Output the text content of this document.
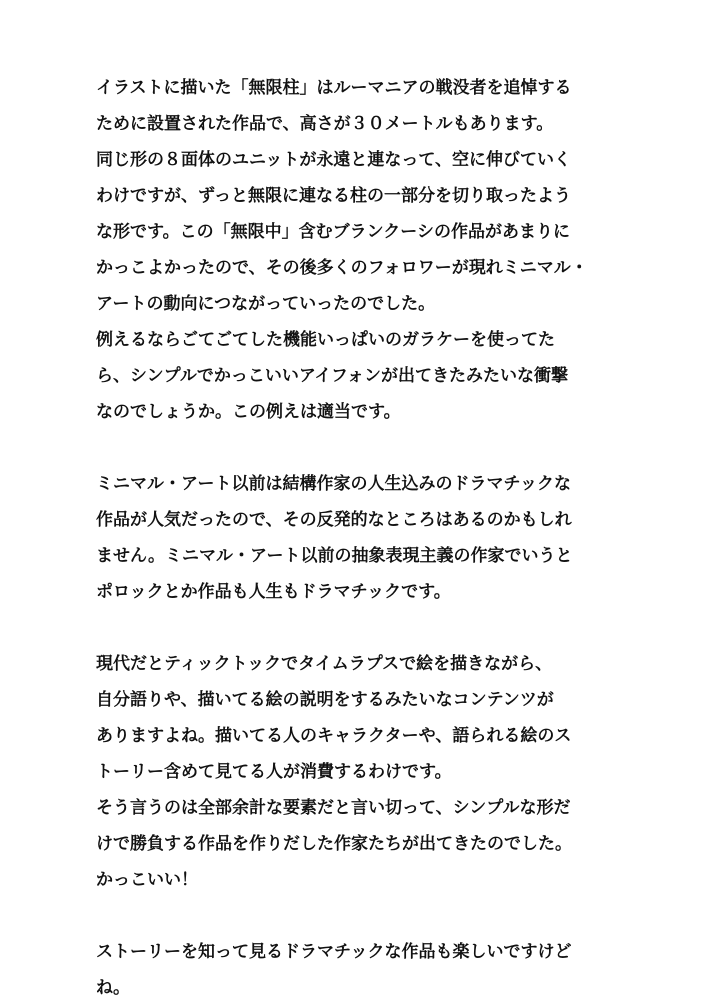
イラストに描いた「無限柱」はルーマニアの戦没者を追悼する
ために設置された作品で、高さが３０メートルもあります。
同じ形の８面体のユニットが永遠と連なって、空に伸びていく
わけですが、ずっと無限に連なる柱の一部分を切り取ったよう
な形です。この「無限中」含むブランクーシの作品があまりに
かっこよかったので、その後多くのフォロワーが現れミニマル・
アートの動向につながっていったのでした。
例えるならごてごてした機能いっぱいのガラケーを使ってた
ら、シンプルでかっこいいアイフォンが出てきたみたいな衝撃
なのでしょうか。この例えは適当です。
ミニマル・アート以前は結構作家の人生込みのドラマチックな
作品が人気だったので、その反発的なところはあるのかもしれ
ません。ミニマル・アート以前の抽象表現主義の作家でいうと
ポロックとか作品も人生もドラマチックです。
現代だとティックトックでタイムラプスで絵を描きながら、
自分語りや、描いてる絵の説明をするみたいなコンテンツが
ありますよね。描いてる人のキャラクターや、語られる絵のス
トーリー含めて見てる人が消費するわけです。
そう言うのは全部余計な要素だと言い切って、シンプルな形だ
けで勝負する作品を作りだした作家たちが出てきたのでした。
かっこいい！
ストーリーを知って見るドラマチックな作品も楽しいですけど
ね。
